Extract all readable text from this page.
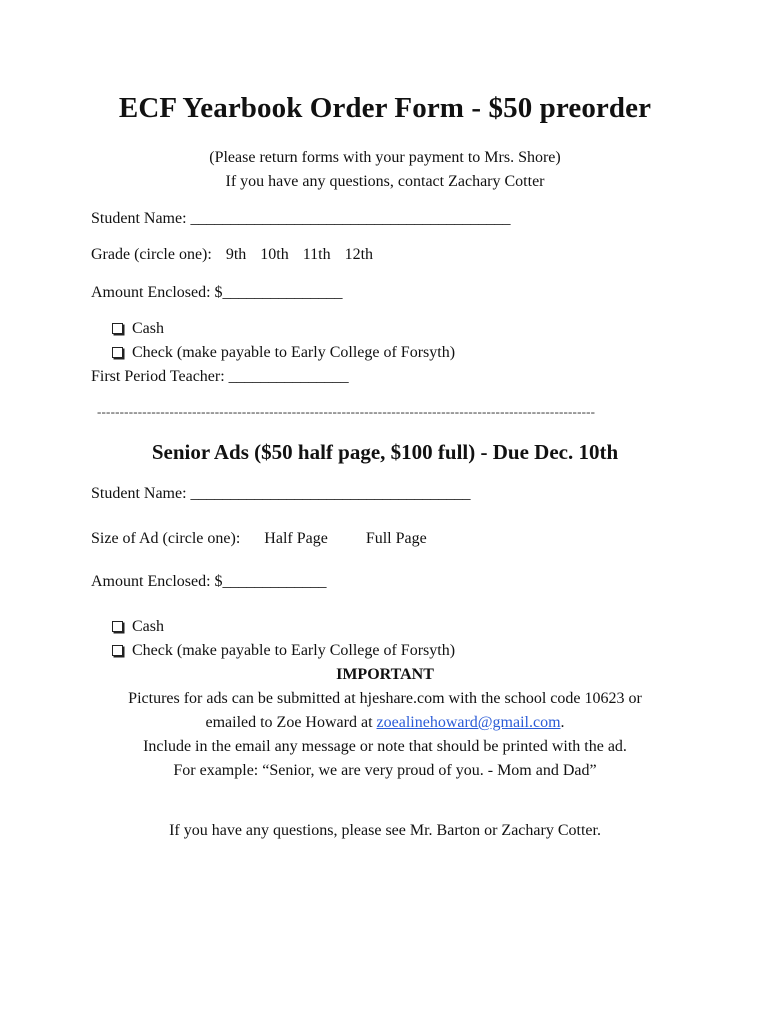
ECF Yearbook Order Form - $50 preorder
(Please return forms with your payment to Mrs. Shore)
If you have any questions, contact Zachary Cotter
Student Name: ________________________________________
Grade (circle one): 9th 10th 11th 12th
Amount Enclosed: $_______________
Cash
Check (make payable to Early College of Forsyth)
First Period Teacher: _______________
--------------------------------------------------------------------------------------------------------------
Senior Ads ($50 half page, $100 full) - Due Dec. 10th
Student Name: ___________________________________
Size of Ad (circle one): Half Page Full Page
Amount Enclosed: $_____________
Cash
Check (make payable to Early College of Forsyth)
IMPORTANT
Pictures for ads can be submitted at hjeshare.com with the school code 10623 or
emailed to Zoe Howard at zoealinehoward@gmail.com.
Include in the email any message or note that should be printed with the ad.
For example: “Senior, we are very proud of you. - Mom and Dad”
If you have any questions, please see Mr. Barton or Zachary Cotter.
